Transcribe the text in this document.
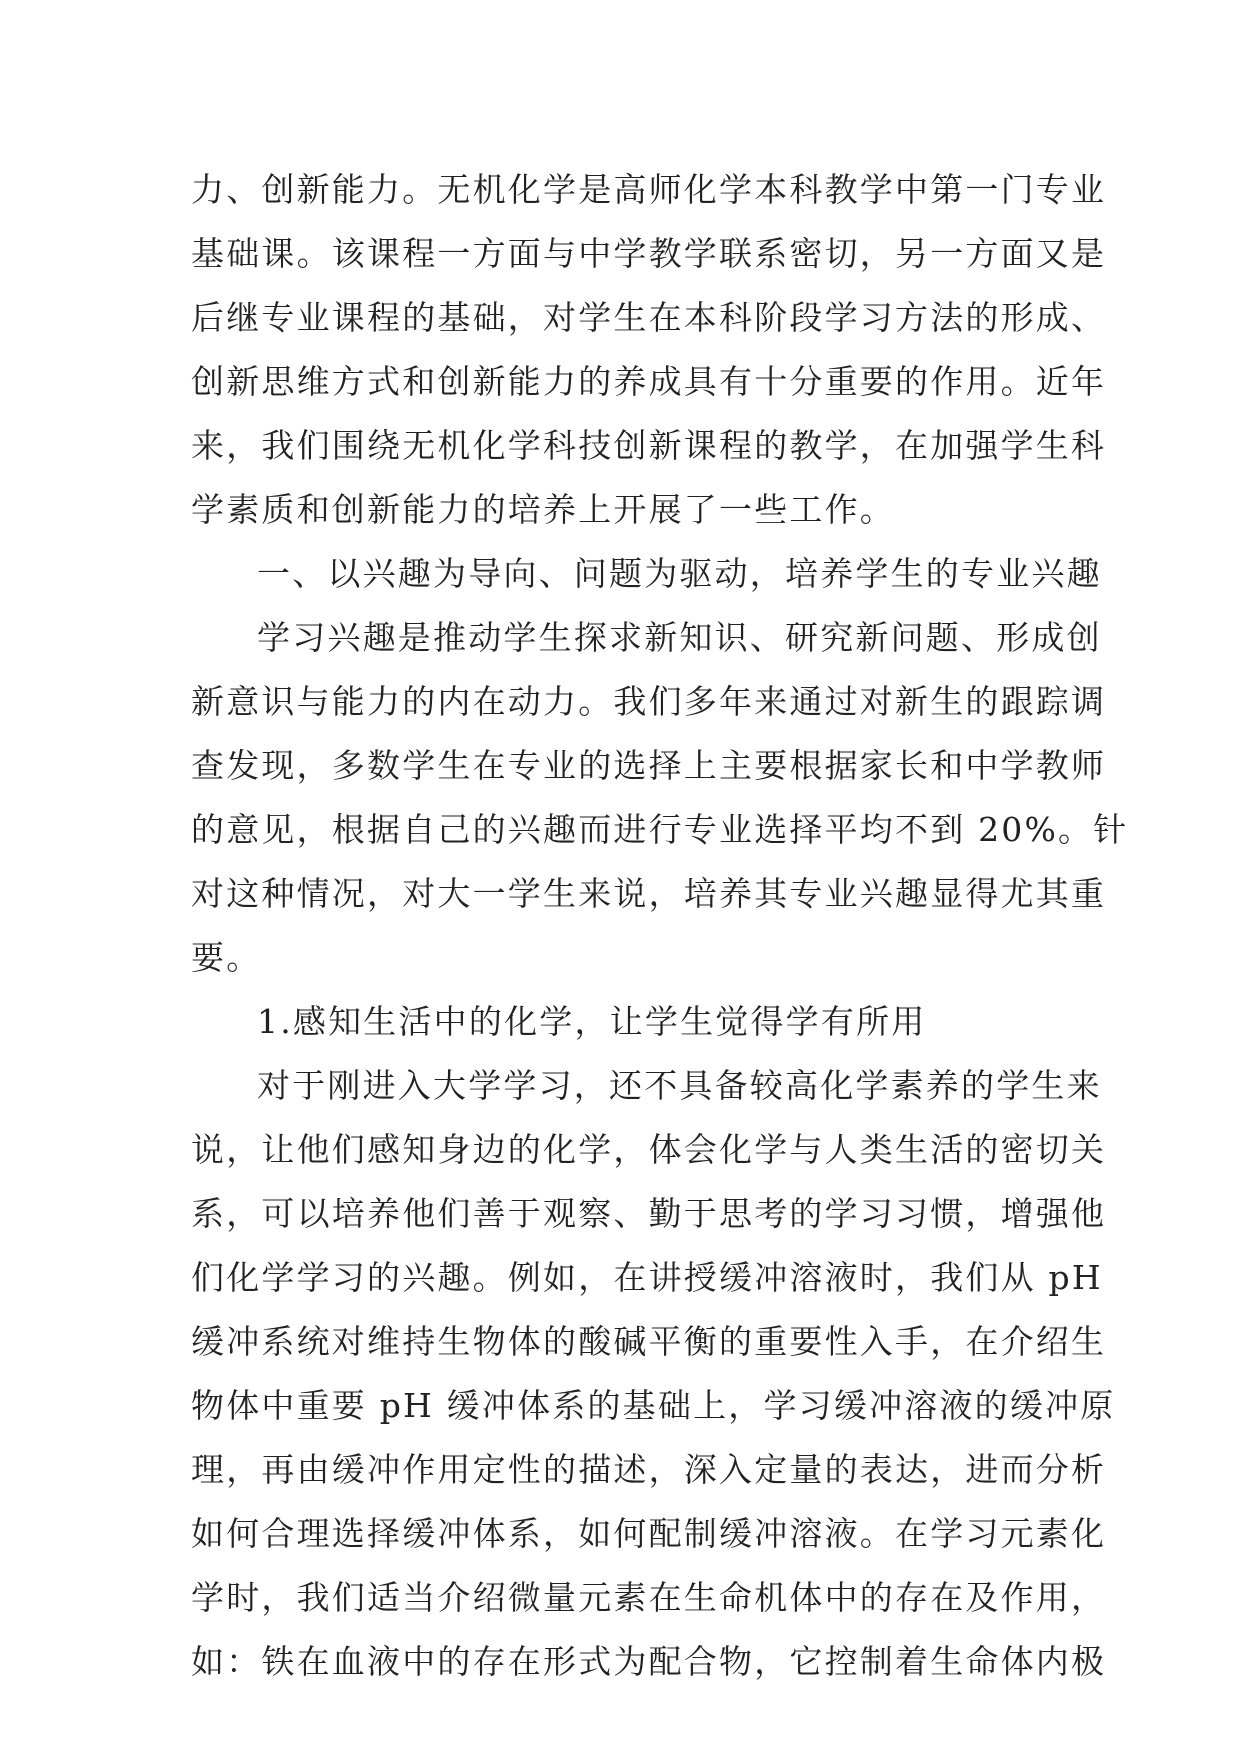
力、创新能力。无机化学是高师化学本科教学中第一门专业
基础课。该课程一方面与中学教学联系密切，另一方面又是
后继专业课程的基础，对学生在本科阶段学习方法的形成、
创新思维方式和创新能力的养成具有十分重要的作用。近年
来，我们围绕无机化学科技创新课程的教学，在加强学生科
学素质和创新能力的培养上开展了一些工作。
一、以兴趣为导向、问题为驱动，培养学生的专业兴趣
学习兴趣是推动学生探求新知识、研究新问题、形成创
新意识与能力的内在动力。我们多年来通过对新生的跟踪调
查发现，多数学生在专业的选择上主要根据家长和中学教师
的意见，根据自己的兴趣而进行专业选择平均不到 20%。针
对这种情况，对大一学生来说，培养其专业兴趣显得尤其重
要。
1.感知生活中的化学，让学生觉得学有所用
对于刚进入大学学习，还不具备较高化学素养的学生来
说，让他们感知身边的化学，体会化学与人类生活的密切关
系，可以培养他们善于观察、勤于思考的学习习惯，增强他
们化学学习的兴趣。例如，在讲授缓冲溶液时，我们从 pH
缓冲系统对维持生物体的酸碱平衡的重要性入手，在介绍生
物体中重要 pH 缓冲体系的基础上，学习缓冲溶液的缓冲原
理，再由缓冲作用定性的描述，深入定量的表达，进而分析
如何合理选择缓冲体系，如何配制缓冲溶液。在学习元素化
学时，我们适当介绍微量元素在生命机体中的存在及作用，
如：铁在血液中的存在形式为配合物，它控制着生命体内极
